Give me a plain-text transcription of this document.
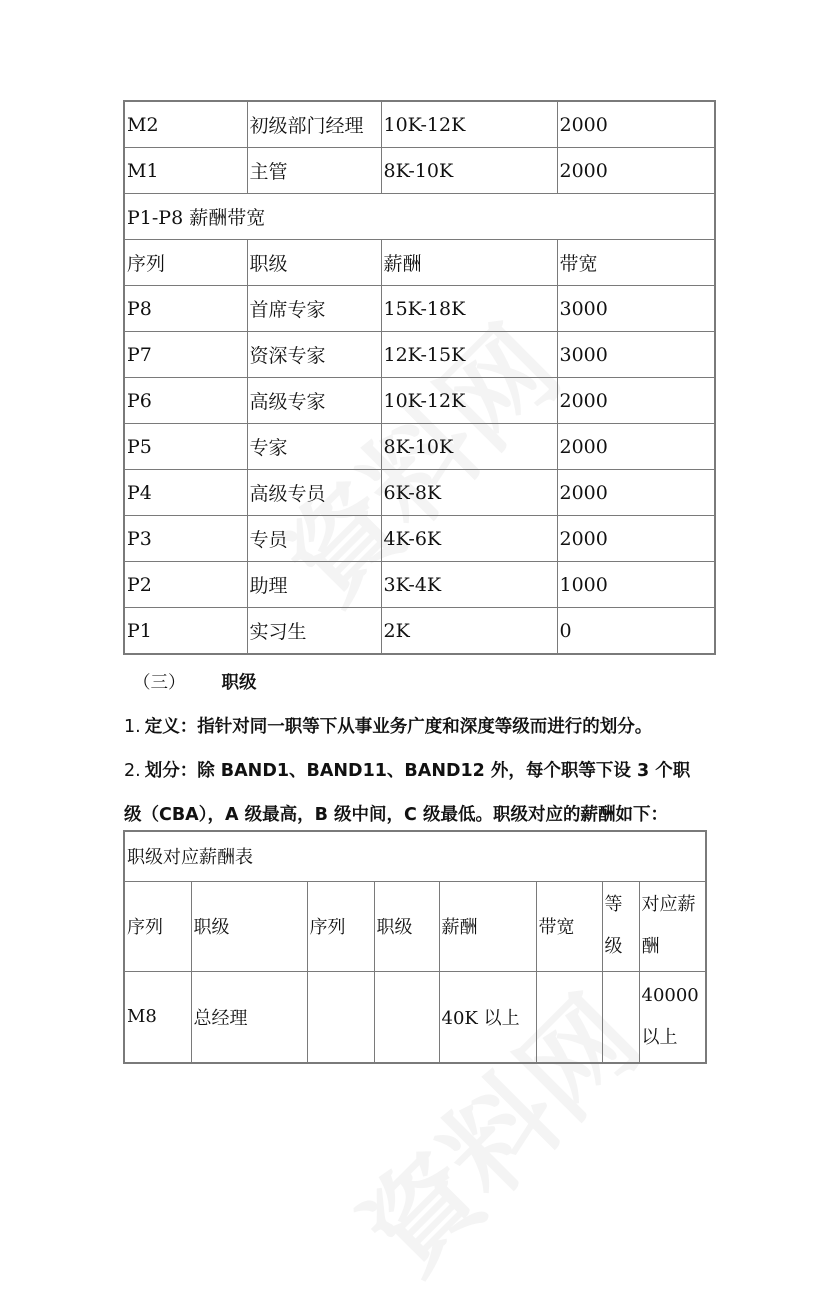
M2	初级部门经理	10K-12K	2000
M1	主管	8K-10K	2000
P1-P8 薪酬带宽			
序列	职级	薪酬	带宽
P8	首席专家	15K-18K	3000
P7	资深专家	12K-15K	3000
P6	高级专家	10K-12K	2000
P5	专家	8K-10K	2000
P4	高级专员	6K-8K	2000
P3	专员	4K-6K	2000
P2	助理	3K-4K	1000
P1	实习生	2K	0
（三） 职级
1. 定义：指针对同一职等下从事业务广度和深度等级而进行的划分。
2. 划分：除 BAND1、BAND11、BAND12 外，每个职等下设 3 个职
级（CBA），A 级最高，B 级中间，C 级最低。职级对应的薪酬如下：
职级对应薪酬表							
序列	职级	序列	职级	薪酬	带宽	等级	对应薪酬
M8	总经理			40K 以上			40000以上
